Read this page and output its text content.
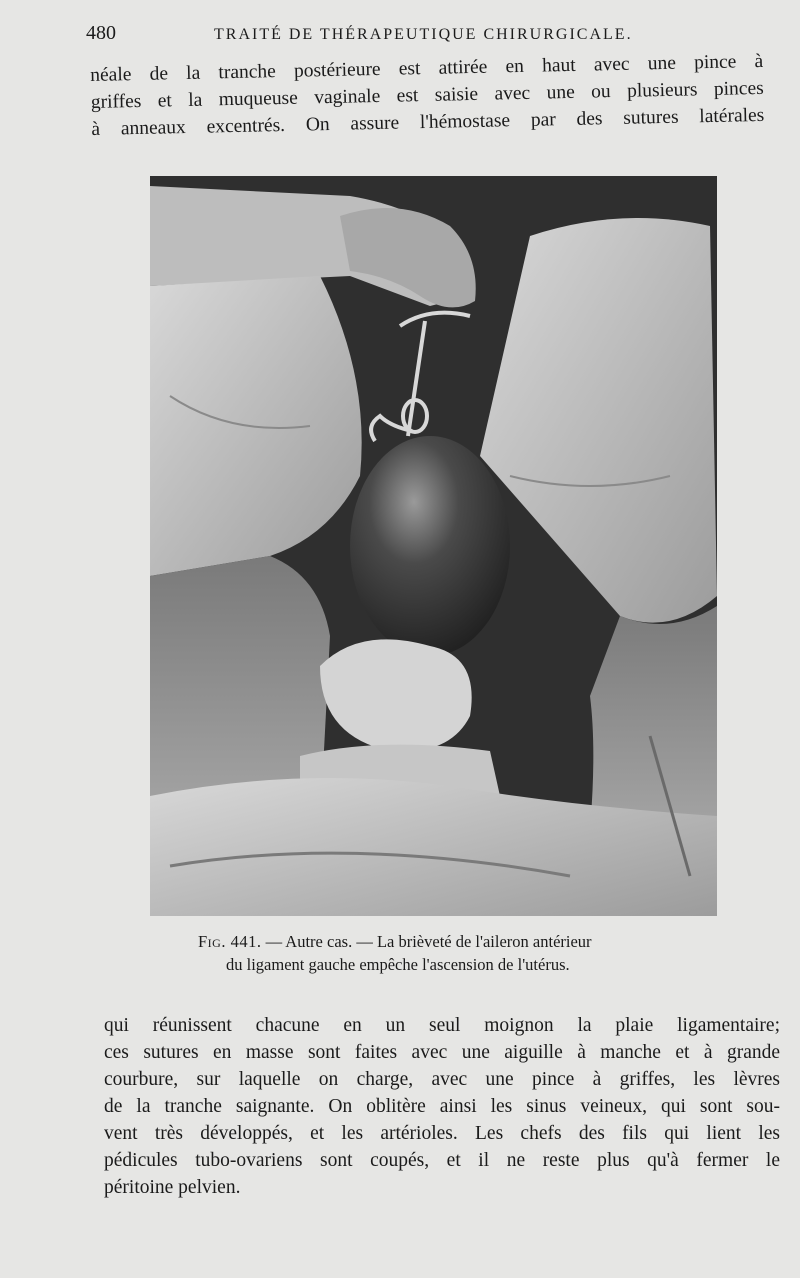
480	TRAITÉ DE THÉRAPEUTIQUE CHIRURGICALE.
néale de la tranche postérieure est attirée en haut avec une pince à
griffes et la muqueuse vaginale est saisie avec une ou plusieurs pinces
à anneaux excentrés. On assure l'hémostase par des sutures latérales
Fig. 441. — Autre cas. — La brièveté de l'aileron antérieur
du ligament gauche empêche l'ascension de l'utérus.
qui réunissent chacune en un seul moignon la plaie ligamentaire;
ces sutures en masse sont faites avec une aiguille à manche et à grande
courbure, sur laquelle on charge, avec une pince à griffes, les lèvres
de la tranche saignante. On oblitère ainsi les sinus veineux, qui sont sou-
vent très développés, et les artérioles. Les chefs des fils qui lient les
pédicules tubo-ovariens sont coupés, et il ne reste plus qu'à fermer le
péritoine pelvien.
